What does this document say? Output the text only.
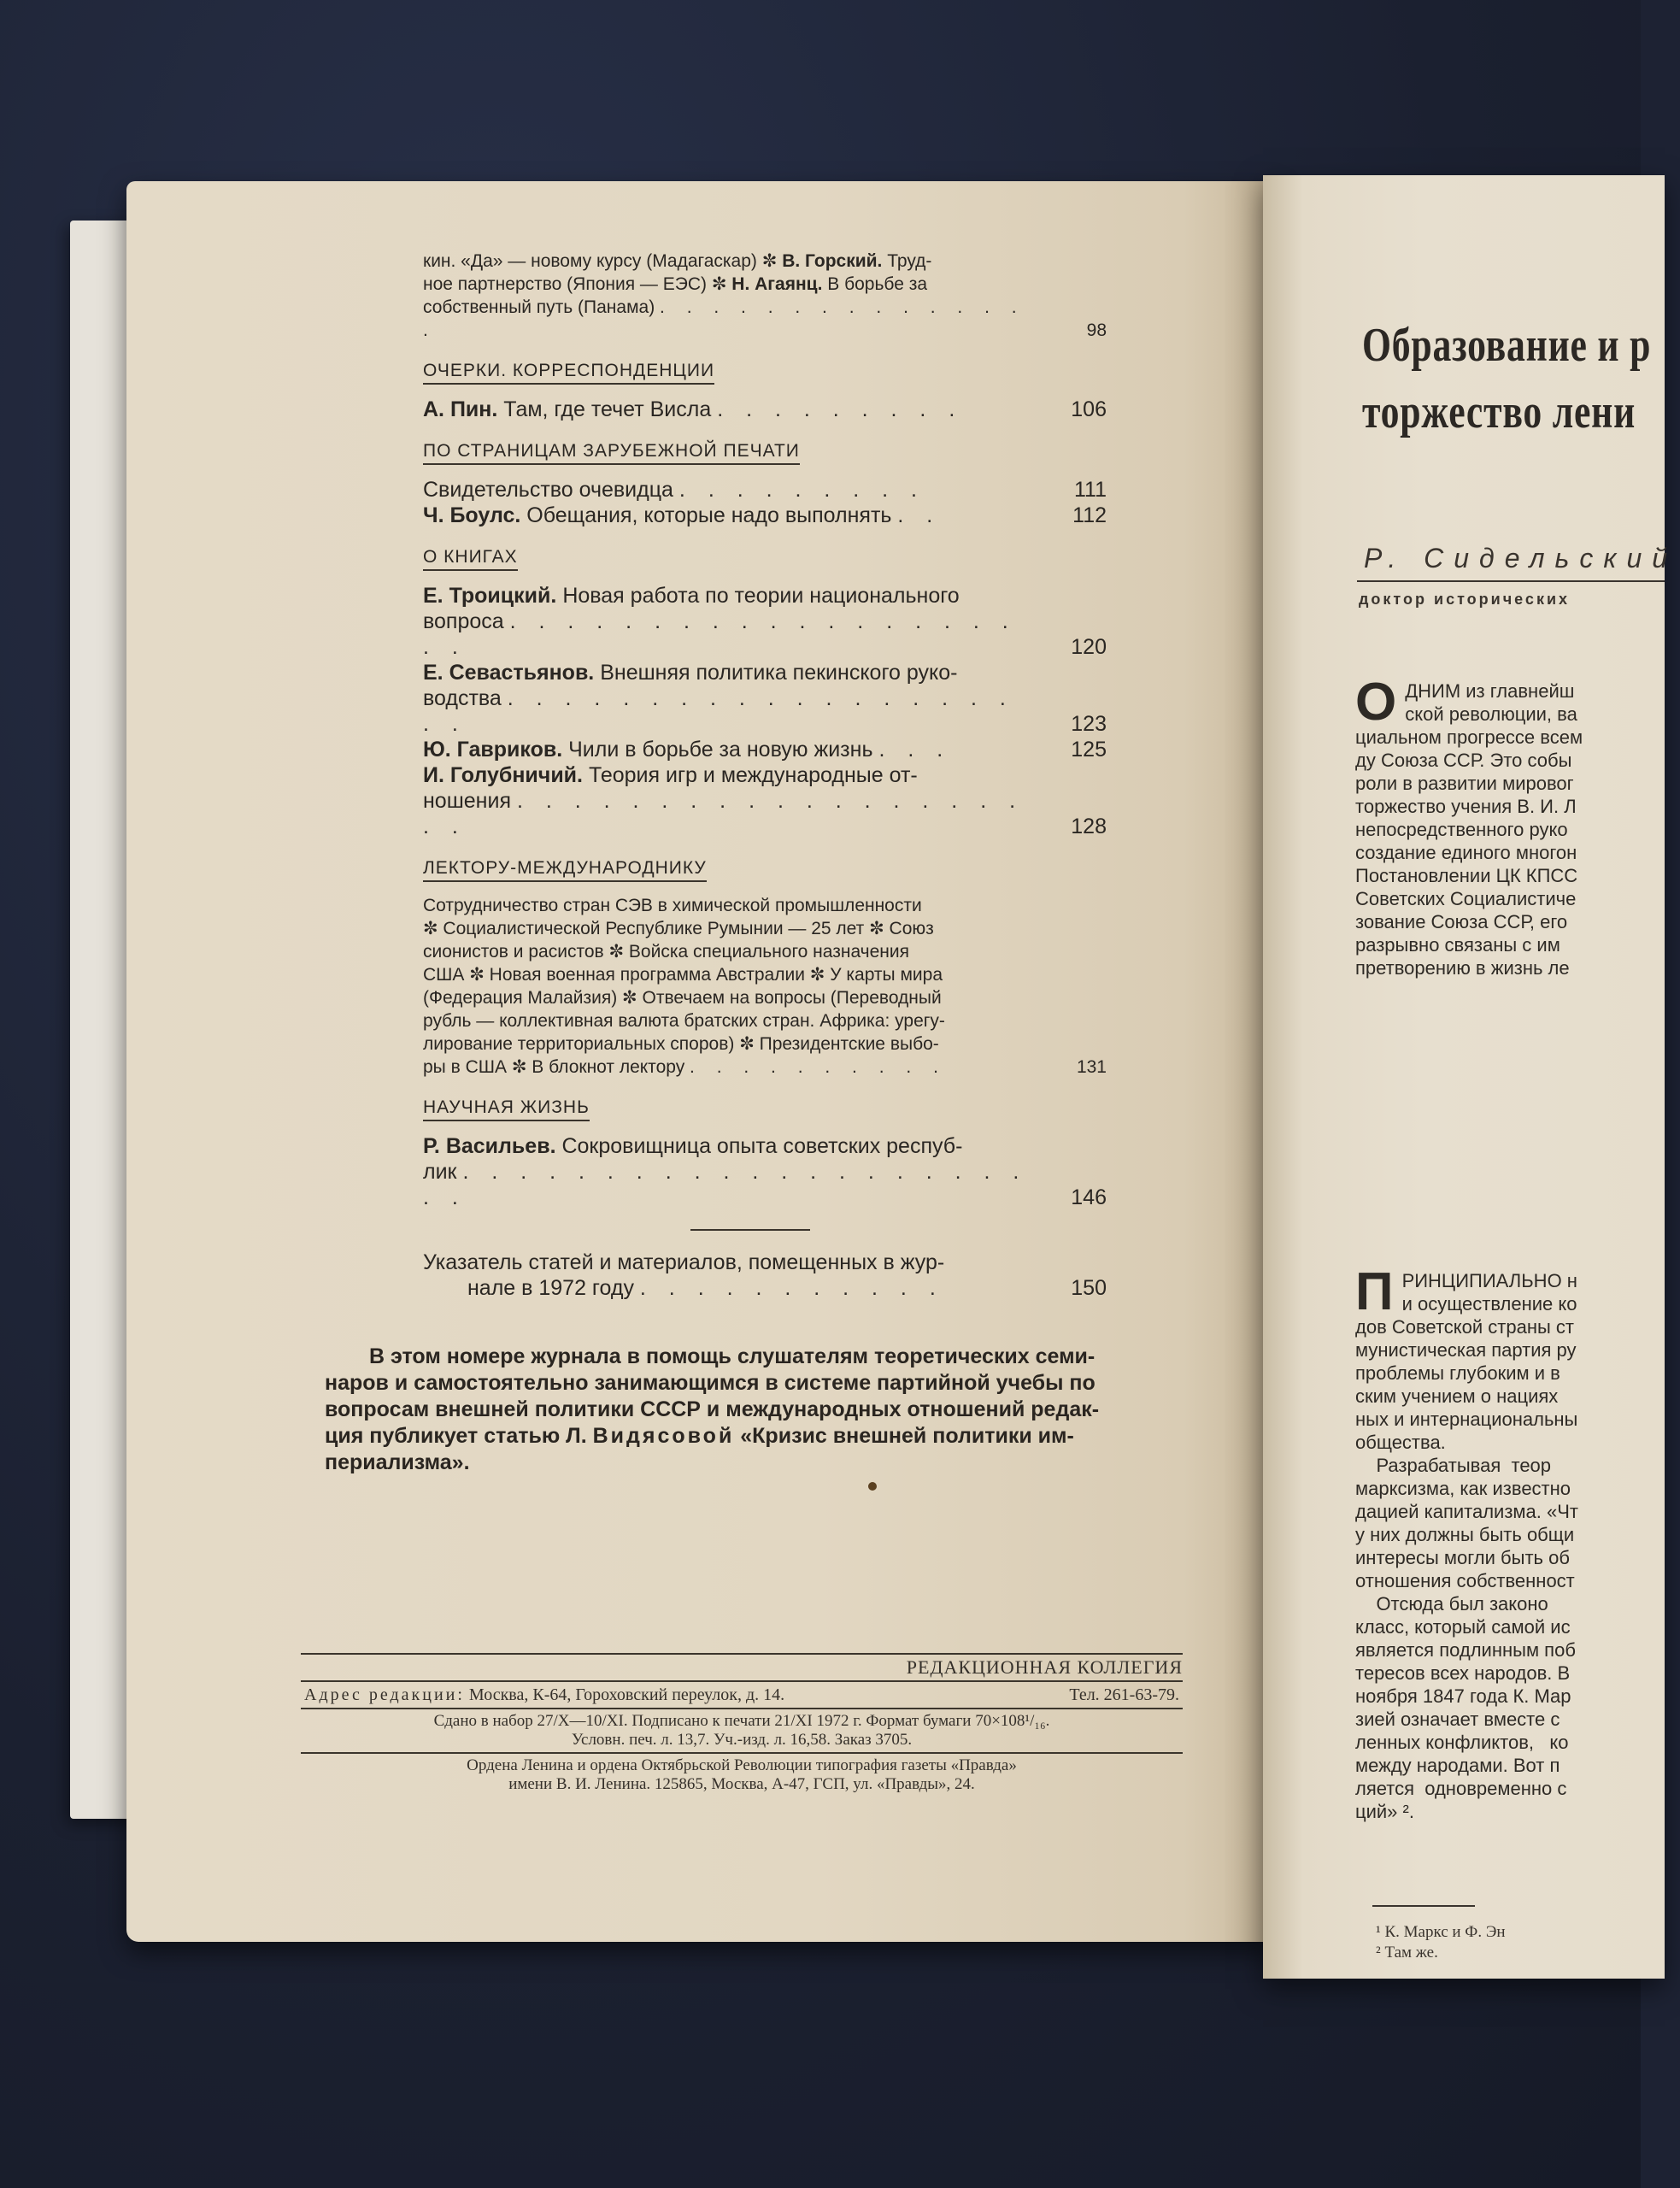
кин. «Да» — новому курсу (Мадагаскар) ✼ В. Горский. Труд-
ное партнерство (Япония — ЕЭС) ✼ Н. Агаянц. В борьбе за
собственный путь (Панама) . . . . . . . . . . . . . . .	98
ОЧЕРКИ. КОРРЕСПОНДЕНЦИИ
А. Пин. Там, где течет Висла . . . . . . . . .	106
ПО СТРАНИЦАМ ЗАРУБЕЖНОЙ ПЕЧАТИ
Свидетельство очевидца . . . . . . . . .	111
Ч. Боулс. Обещания, которые надо выполнять . .	112
О КНИГАХ
Е. Троицкий. Новая работа по теории национального
вопроса . . . . . . . . . . . . . . . . . . . .	120
Е. Севастьянов. Внешняя политика пекинского руко-
водства . . . . . . . . . . . . . . . . . . . .	123
Ю. Гавриков. Чили в борьбе за новую жизнь . . .	125
И. Голубничий. Теория игр и международные от-
ношения . . . . . . . . . . . . . . . . . . . .	128
ЛЕКТОРУ-МЕЖДУНАРОДНИКУ
Сотрудничество стран СЭВ в химической промышленности
✼ Социалистической Республике Румынии — 25 лет ✼ Союз
сионистов и расистов ✼ Войска специального назначения
США ✼ Новая военная программа Австралии ✼ У карты мира
(Федерация Малайзия) ✼ Отвечаем на вопросы (Переводный
рубль — коллективная валюта братских стран. Африка: урегу-
лирование территориальных споров) ✼ Президентские выбо-
ры в США ✼ В блокнот лектору . . . . . . . . . .	131
НАУЧНАЯ ЖИЗНЬ
Р. Васильев. Сокровищница опыта советских респуб-
лик . . . . . . . . . . . . . . . . . . . . . .	146
Указатель статей и материалов, помещенных в жур-
нале в 1972 году . . . . . . . . . . .	150
В этом номере журнала в помощь слушателям теоретических семи-
наров и самостоятельно занимающимся в системе партийной учебы по
вопросам внешней политики СССР и международных отношений редак-
ция публикует статью Л. Видясовой «Кризис внешней политики им-
периализма».
РЕДАКЦИОННАЯ КОЛЛЕГИЯ
Адрес редакции: Москва, К-64, Гороховский переулок, д. 14.	Тел. 261-63-79.
Сдано в набор 27/X—10/XI. Подписано к печати 21/XI 1972 г. Формат бумаги 70×108¹/₁₆.
Условн. печ. л. 13,7. Уч.-изд. л. 16,58. Заказ 3705.
Ордена Ленина и ордена Октябрьской Революции типография газеты «Правда»
имени В. И. Ленина. 125865, Москва, А-47, ГСП, ул. «Правды», 24.
Образование и р
торжество лени
Р. Сидельский
доктор исторических
О ДНИМ из главнейш
ской революции, ва
циальном прогрессе всем
ду Союза ССР. Это собы
роли в развитии мировог
торжество учения В. И. Л
непосредственного руко
создание единого многон
Постановлении ЦК КПСС
Советских Социалистиче
зование Союза ССР, его
разрывно связаны с им
претворению в жизнь ле
П РИНЦИПИАЛЬНО н
и осуществление ко
дов Советской страны ст
мунистическая партия ру
проблемы глубоким и в
ским учением о нациях
ных и интернациональны
общества.
Разрабатывая  теор
марксизма, как известно
дацией капитализма. «Чт
у них должны быть общи
интересы могли быть об
отношения собственност
Отсюда был законо
класс, который самой ис
является подлинным поб
тересов всех народов. В
ноября 1847 года К. Мар
зией означает вместе с
ленных конфликтов,   ко
между народами. Вот п
ляется  одновременно с
ций» ².
¹ К. Маркс и Ф. Эн
² Там же.
